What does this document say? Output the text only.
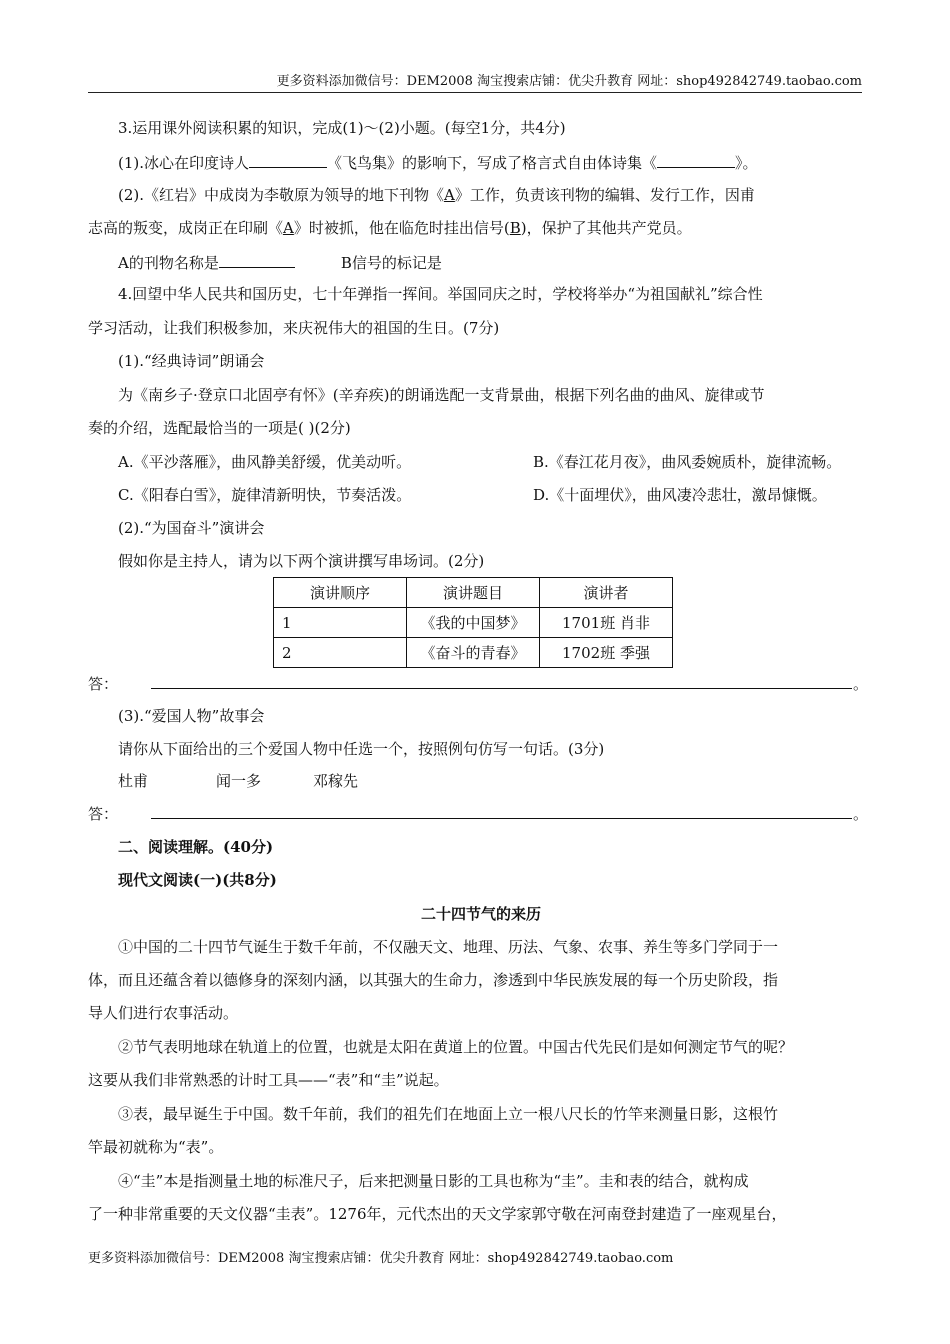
更多资料添加微信号：DEM2008 淘宝搜索店铺：优尖升教育 网址：shop492842749.taobao.com
3.运用课外阅读积累的知识，完成(1)～(2)小题。(每空1分，共4分)
(1).冰心在印度诗人	《飞鸟集》的影响下，写成了格言式自由体诗集《	》。
(2).《红岩》中成岗为李敬原为领导的地下刊物《A》工作，负责该刊物的编辑、发行工作，因甫
志高的叛变，成岗正在印刷《A》时被抓，他在临危时挂出信号(B)，保护了其他共产党员。
A的刊物名称是	B信号的标记是
4.回望中华人民共和国历史，七十年弹指一挥间。举国同庆之时，学校将举办“为祖国献礼”综合性
学习活动，让我们积极参加，来庆祝伟大的祖国的生日。(7分)
(1).“经典诗词”朗诵会
为《南乡子·登京口北固亭有怀》(辛弃疾)的朗诵选配一支背景曲，根据下列名曲的曲风、旋律或节
奏的介绍，选配最恰当的一项是( )(2分)
A.《平沙落雁》，曲风静美舒缓，优美动听。	B.《春江花月夜》，曲风委婉质朴，旋律流畅。
C.《阳春白雪》，旋律清新明快，节奏活泼。	D.《十面埋伏》，曲风凄冷悲壮，激昂慷慨。
(2).“为国奋斗”演讲会
假如你是主持人，请为以下两个演讲撰写串场词。(2分)
演讲顺序	演讲题目	演讲者
1	《我的中国梦》	1701班 肖非
2	《奋斗的青春》	1702班 季强
答：	。
(3).“爱国人物”故事会
请你从下面给出的三个爱国人物中任选一个，按照例句仿写一句话。(3分)
杜甫	闻一多	邓稼先
答：	。
二、阅读理解。(40分)
现代文阅读(一)(共8分)
二十四节气的来历
①中国的二十四节气诞生于数千年前，不仅融天文、地理、历法、气象、农事、养生等多门学同于一
体，而且还蕴含着以德修身的深刻内涵，以其强大的生命力，渗透到中华民族发展的每一个历史阶段，指
导人们进行农事活动。
②节气表明地球在轨道上的位置，也就是太阳在黄道上的位置。中国古代先民们是如何测定节气的呢？
这要从我们非常熟悉的计时工具——“表”和“圭”说起。
③表，最早诞生于中国。数千年前，我们的祖先们在地面上立一根八尺长的竹竿来测量日影，这根竹
竿最初就称为“表”。
④“圭”本是指测量土地的标准尺子，后来把测量日影的工具也称为“圭”。圭和表的结合，就构成
了一种非常重要的天文仪器“圭表”。1276年，元代杰出的天文学家郭守敬在河南登封建造了一座观星台，
更多资料添加微信号：DEM2008 淘宝搜索店铺：优尖升教育 网址：shop492842749.taobao.com
